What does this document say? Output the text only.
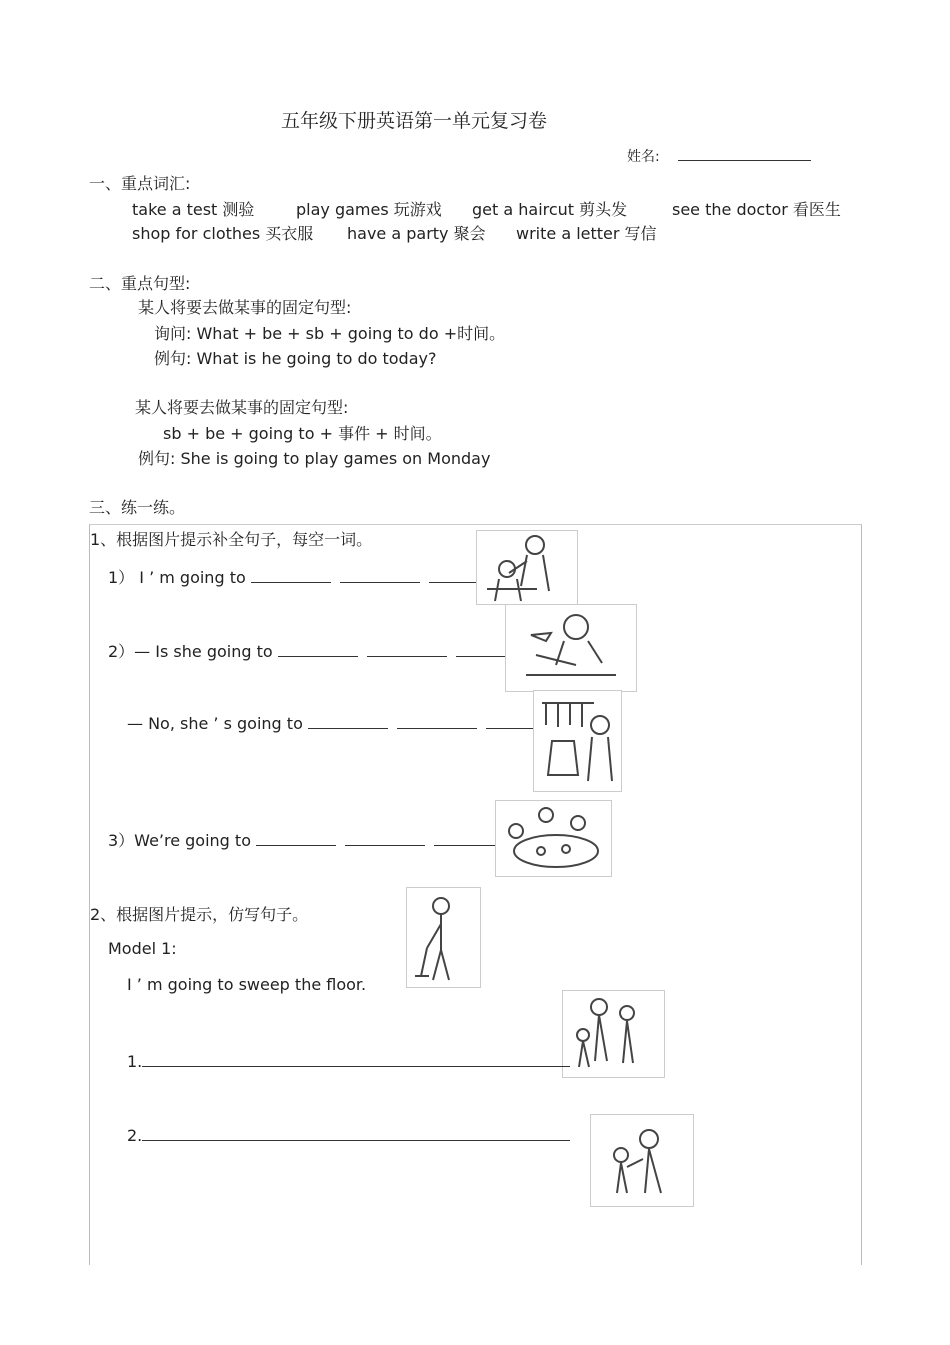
五年级下册英语第一单元复习卷
姓名:
一、重点词汇:
take a test 测验	play games 玩游戏 get a haircut 剪头发	see the doctor 看医生
shop for clothes 买衣服 have a party 聚会 write a letter 写信
二、重点句型:
某人将要去做某事的固定句型:
询问: What + be + sb + going to do +时间。
例句: What is he going to do today?
某人将要去做某事的固定句型:
sb + be + going to + 事件 + 时间。
例句: She is going to play games on Monday
三、练一练。
1、根据图片提示补全句子，每空一词。
1） I ’ m going to
2）— Is she going to
— No, she ’ s going to
3）We’re going to
2、根据图片提示，仿写句子。
Model 1:
I ’ m going to sweep the floor.
1.
2.
